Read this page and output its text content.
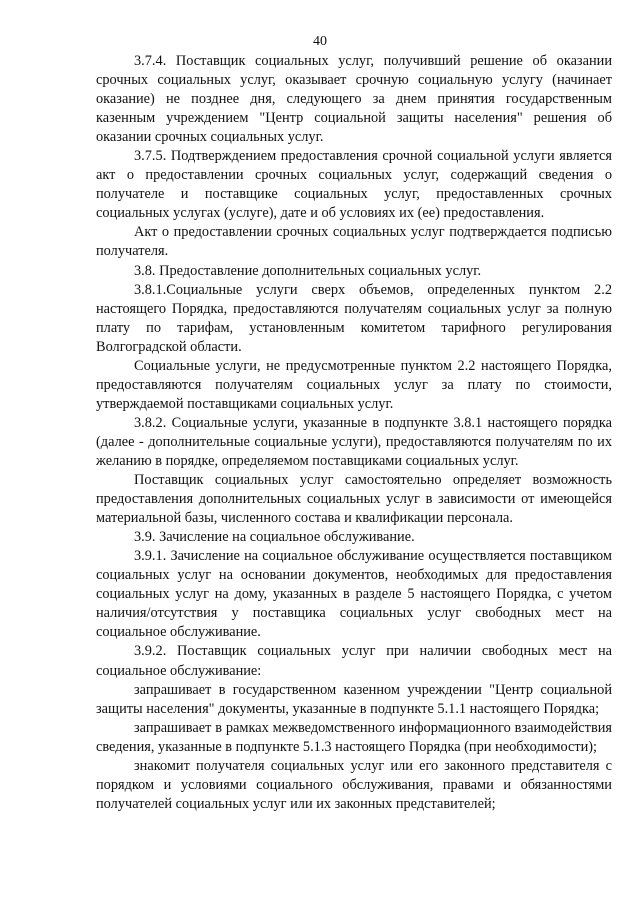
40

3.7.4. Поставщик социальных услуг, получивший решение об оказании срочных социальных услуг, оказывает срочную социальную услугу (начинает оказание) не позднее дня, следующего за днем принятия государственным казенным учреждением "Центр социальной защиты населения" решения об оказании срочных социальных услуг.

3.7.5. Подтверждением предоставления срочной социальной услуги является акт о предоставлении срочных социальных услуг, содержащий сведения о получателе и поставщике социальных услуг, предоставленных срочных социальных услугах (услуге), дате и об условиях их (ее) предоставления.

Акт о предоставлении срочных социальных услуг подтверждается подписью получателя.

3.8. Предоставление дополнительных социальных услуг.

3.8.1.Социальные услуги сверх объемов, определенных пунктом 2.2 настоящего Порядка, предоставляются получателям социальных услуг за полную плату по тарифам, установленным комитетом тарифного регулирования Волгоградской области.

Социальные услуги, не предусмотренные пунктом 2.2 настоящего Порядка, предоставляются получателям социальных услуг за плату по стоимости, утверждаемой поставщиками социальных услуг.

3.8.2. Социальные услуги, указанные в подпункте 3.8.1 настоящего порядка (далее - дополнительные социальные услуги), предоставляются получателям по их желанию в порядке, определяемом поставщиками социальных услуг.

Поставщик социальных услуг самостоятельно определяет возможность предоставления дополнительных социальных услуг в зависимости от имеющейся материальной базы, численного состава и квалификации персонала.

3.9. Зачисление на социальное обслуживание.

3.9.1. Зачисление на социальное обслуживание осуществляется поставщиком социальных услуг на основании документов, необходимых для предоставления социальных услуг на дому, указанных в разделе 5 настоящего Порядка, с учетом наличия/отсутствия у поставщика социальных услуг свободных мест на социальное обслуживание.

3.9.2. Поставщик социальных услуг при наличии свободных мест на социальное обслуживание:

запрашивает в государственном казенном учреждении "Центр социальной защиты населения" документы, указанные в подпункте 5.1.1 настоящего Порядка;

запрашивает в рамках межведомственного информационного взаимодействия сведения, указанные в подпункте 5.1.3 настоящего Порядка (при необходимости);

знакомит получателя социальных услуг или его законного представителя с порядком и условиями социального обслуживания, правами и обязанностями получателей социальных услуг или их законных представителей;
